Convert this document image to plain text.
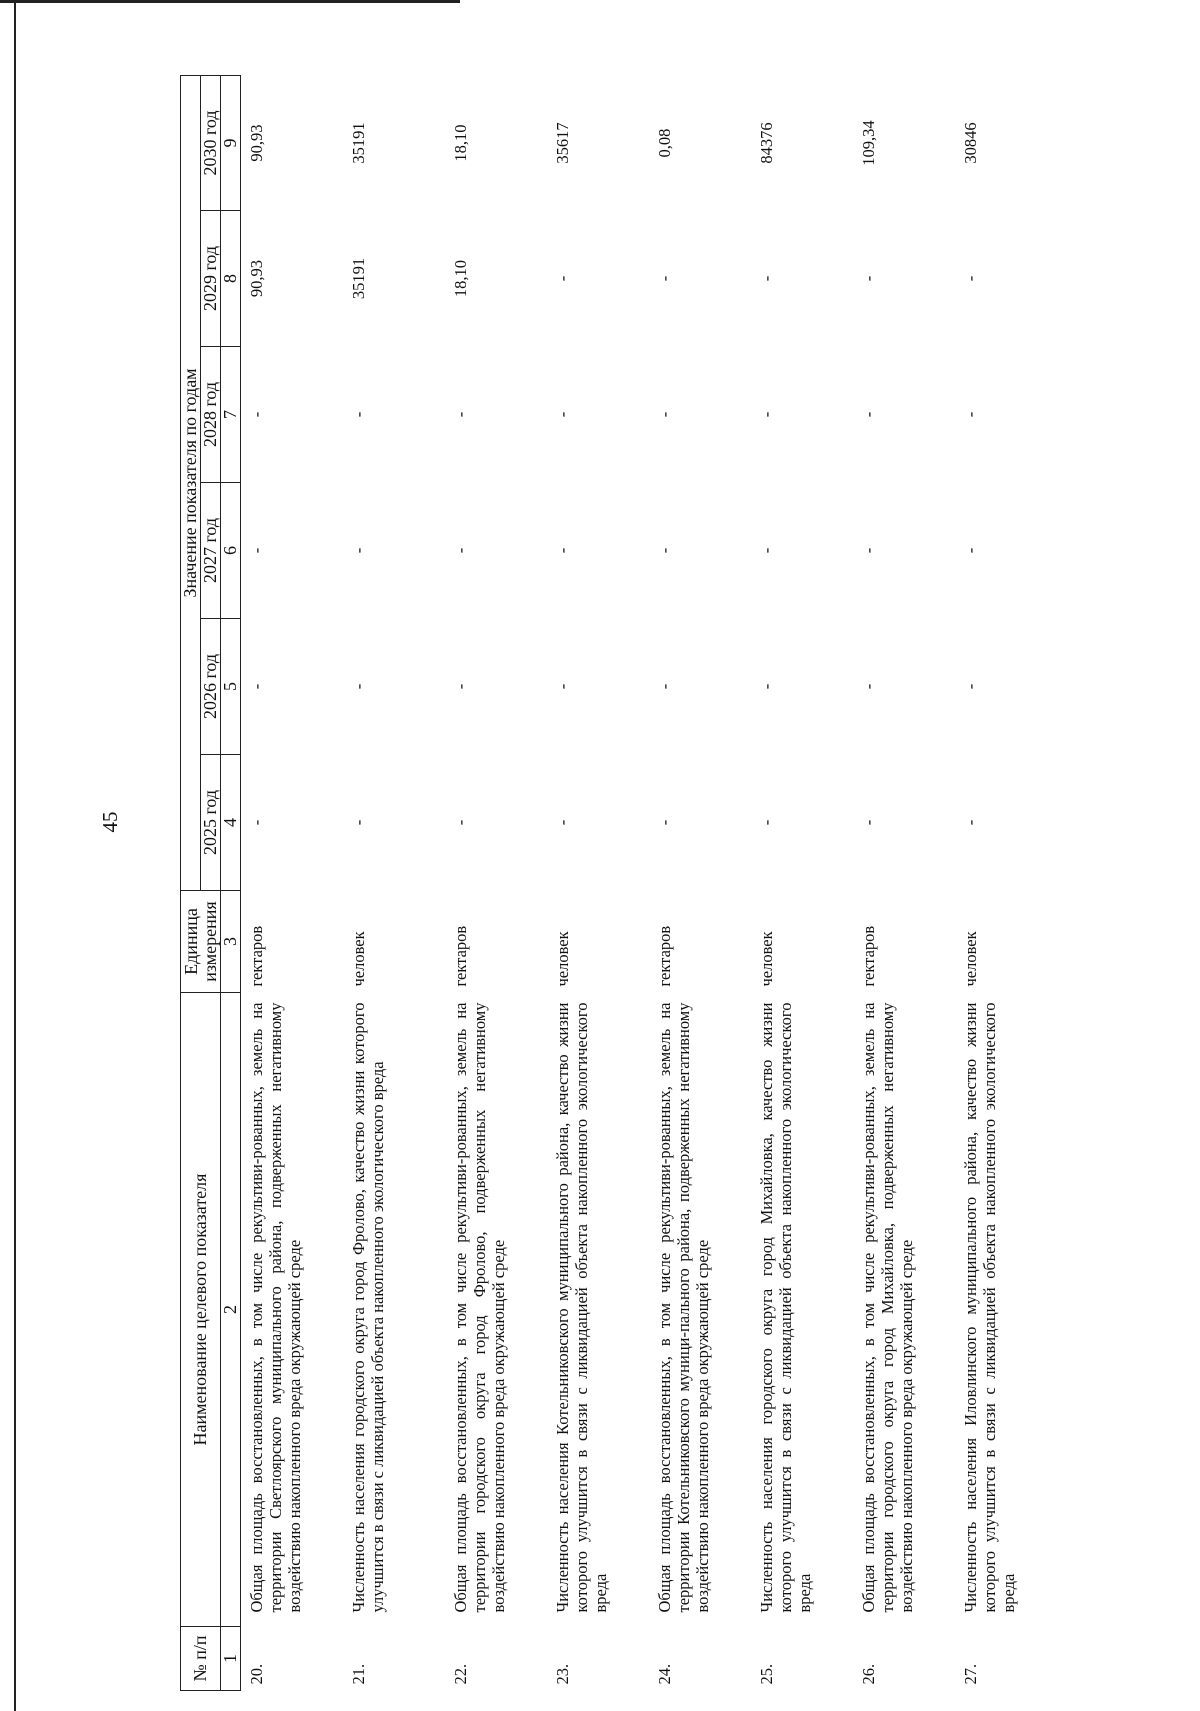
45
№ п/п	Наименование целевого показателя	Единица измерения	Значение показателя по годам					
			2025 год	2026 год	2027 год	2028 год	2029 год	2030 год
1	2	3	4	5	6	7	8	9
20.	Общая площадь восстановленных, в том числе рекультиви-рованных, земель на территории Светлоярского муниципального района, подверженных негативному воздействию накопленного вреда окружающей среде	гектаров	-	-	-	-	90,93	90,93
21.	Численность населения городского округа город Фролово, качество жизни которого улучшится в связи с ликвидацией объекта накопленного экологического вреда	человек	-	-	-	-	35191	35191
22.	Общая площадь восстановленных, в том числе рекультиви-рованных, земель на территории городского округа город Фролово, подверженных негативному воздействию накопленного вреда окружающей среде	гектаров	-	-	-	-	18,10	18,10
23.	Численность населения Котельниковского муниципального района, качество жизни которого улучшится в связи с ликвидацией объекта накопленного экологического вреда	человек	-	-	-	-	-	35617
24.	Общая площадь восстановленных, в том числе рекультиви-рованных, земель на территории Котельниковского муници-пального района, подверженных негативному воздействию накопленного вреда окружающей среде	гектаров	-	-	-	-	-	0,08
25.	Численность населения городского округа город Михайловка, качество жизни которого улучшится в связи с ликвидацией объекта накопленного экологического вреда	человек	-	-	-	-	-	84376
26.	Общая площадь восстановленных, в том числе рекультиви-рованных, земель на территории городского округа город Михайловка, подверженных негативному воздействию накопленного вреда окружающей среде	гектаров	-	-	-	-	-	109,34
27.	Численность населения Иловлинского муниципального района, качество жизни которого улучшится в связи с ликвидацией объекта накопленного экологического вреда	человек	-	-	-	-	-	30846
